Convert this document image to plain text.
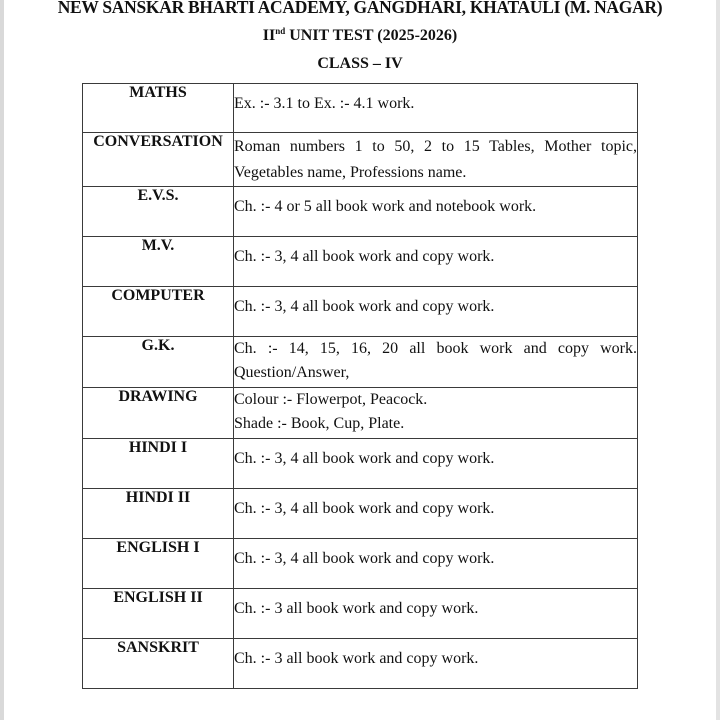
NEW SANSKAR BHARTI ACADEMY, GANGDHARI, KHATAULI (M. NAGAR)
IInd UNIT TEST (2025-2026)
CLASS – IV
MATHS	Ex. :- 3.1 to Ex. :- 4.1 work.

CONVERSATION	Roman numbers 1 to 50, 2 to 15 Tables, Mother topic,
Vegetables name, Professions name.

E.V.S.	Ch. :- 4 or 5 all book work and notebook work.

M.V.	Ch. :- 3, 4 all book work and copy work.

COMPUTER	Ch. :- 3, 4 all book work and copy work.

G.K.	Ch. :- 14, 15, 16, 20 all book work and copy work.
Question/Answer,

DRAWING	Colour :- Flowerpot, Peacock.
Shade :- Book, Cup, Plate.

HINDI I	Ch. :- 3, 4 all book work and copy work.

HINDI II	Ch. :- 3, 4 all book work and copy work.

ENGLISH I	Ch. :- 3, 4 all book work and copy work.

ENGLISH II	Ch. :- 3 all book work and copy work.

SANSKRIT	Ch. :- 3 all book work and copy work.
